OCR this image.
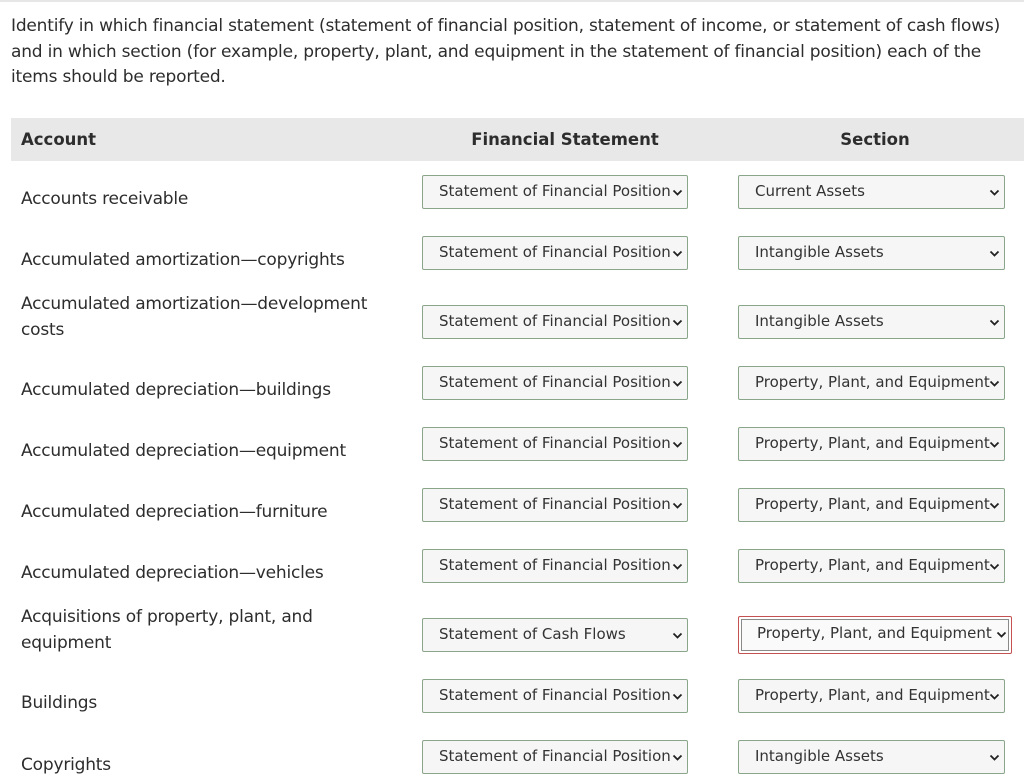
Identify in which financial statement (statement of financial position, statement of income, or statement of cash flows) and in which section (for example, property, plant, and equipment in the statement of financial position) each of the items should be reported.

Account	Financial Statement	Section
Accounts receivable	Statement of Financial Position	Current Assets
Accumulated amortization—copyrights	Statement of Financial Position	Intangible Assets
Accumulated amortization—development costs	Statement of Financial Position	Intangible Assets
Accumulated depreciation—buildings	Statement of Financial Position	Property, Plant, and Equipment
Accumulated depreciation—equipment	Statement of Financial Position	Property, Plant, and Equipment
Accumulated depreciation—furniture	Statement of Financial Position	Property, Plant, and Equipment
Accumulated depreciation—vehicles	Statement of Financial Position	Property, Plant, and Equipment
Acquisitions of property, plant, and equipment	Statement of Cash Flows	Property, Plant, and Equipment
Buildings	Statement of Financial Position	Property, Plant, and Equipment
Copyrights	Statement of Financial Position	Intangible Assets
